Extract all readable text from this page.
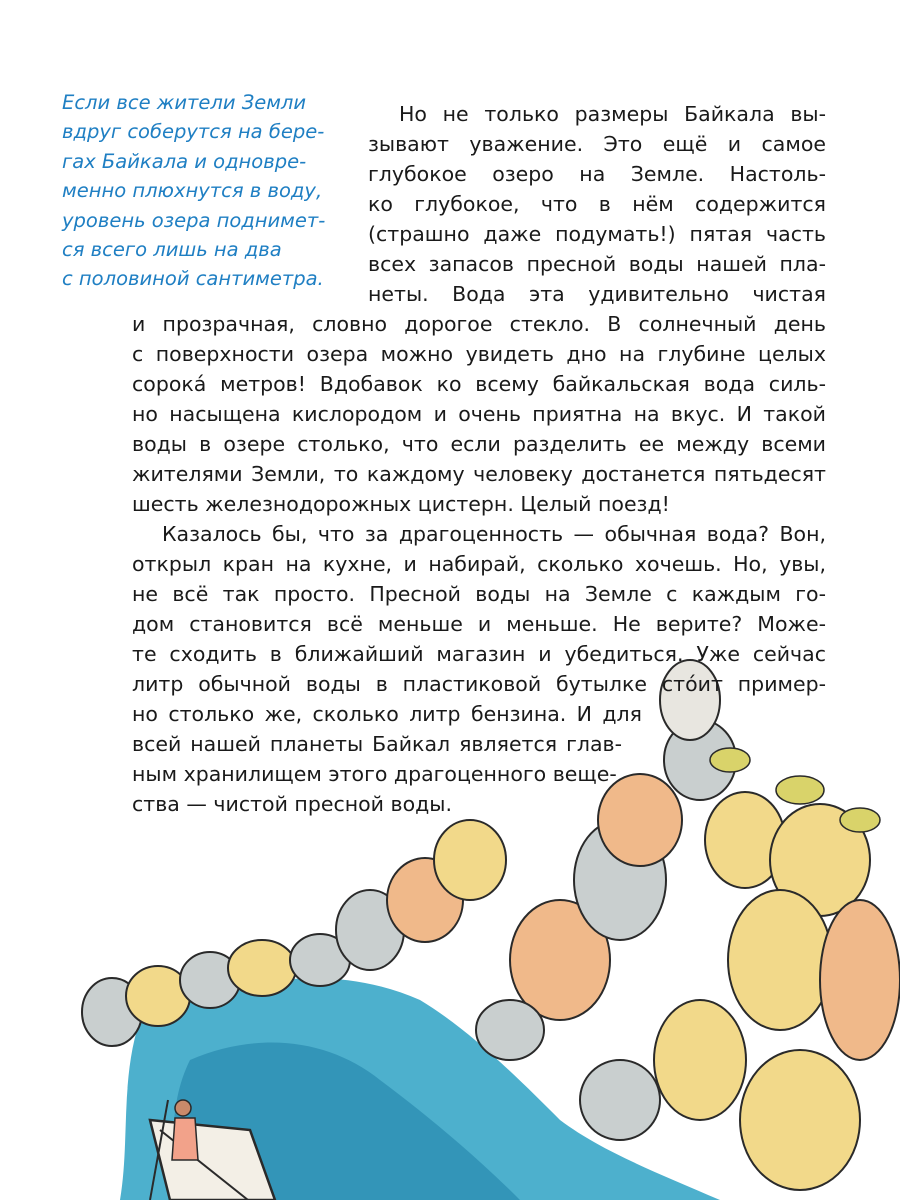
Если все жители Земли
вдруг соберутся на бере-
гах Байкала и одновре-
менно плюхнутся в воду,
уровень озера поднимет-
ся всего лишь на два
с половиной сантиметра.
Но не только размеры Байкала вы-
зывают уважение. Это ещё и самое
глубокое озеро на Земле. Настоль-
ко глубокое, что в нём содержится
(страшно даже подумать!) пятая часть
всех запасов пресной воды нашей пла-
неты. Вода эта удивительно чистая
и прозрачная, словно дорогое стекло. В солнечный день
с поверхности озера можно увидеть дно на глубине целых
сорокá метров! Вдобавок ко всему байкальская вода силь-
но насыщена кислородом и очень приятна на вкус. И такой
воды в озере столько, что если разделить ее между всеми
жителями Земли, то каждому человеку достанется пятьдесят
шесть железнодорожных цистерн. Целый поезд!
Казалось бы, что за драгоценность — обычная вода? Вон,
открыл кран на кухне, и набирай, сколько хочешь. Но, увы,
не всё так просто. Пресной воды на Земле с каждым го-
дом становится всё меньше и меньше. Не верите? Може-
те сходить в ближайший магазин и убедиться. Уже сейчас
литр обычной воды в пластиковой бутылке стóит пример-
но столько же, сколько литр бензина. И для
всей нашей планеты Байкал является глав-
ным хранилищем этого драгоценного веще-
ства — чистой пресной воды.
